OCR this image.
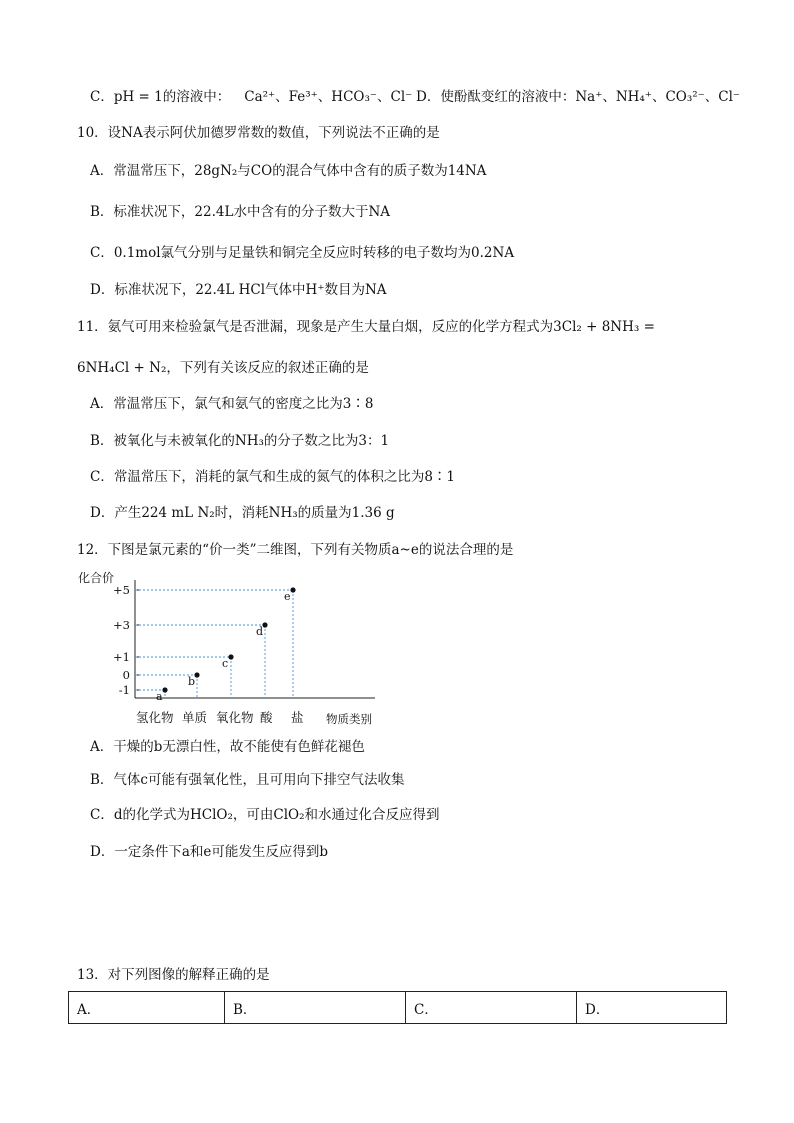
C．pH = 1的溶液中： Ca²⁺、Fe³⁺、HCO₃⁻、Cl⁻ D．使酚酞变红的溶液中：Na⁺、NH₄⁺、CO₃²⁻、Cl⁻
10．设NA表示阿伏加德罗常数的数值，下列说法不正确的是
A．常温常压下，28gN₂与CO的混合气体中含有的质子数为14NA
B．标准状况下，22.4L水中含有的分子数大于NA
C．0.1mol氯气分别与足量铁和铜完全反应时转移的电子数均为0.2NA
D．标准状况下，22.4L HCl气体中H⁺数目为NA
11．氨气可用来检验氯气是否泄漏，现象是产生大量白烟，反应的化学方程式为3Cl₂ + 8NH₃ =
6NH₄Cl + N₂，下列有关该反应的叙述正确的是
A．常温常压下，氯气和氨气的密度之比为3∶8
B．被氧化与未被氧化的NH₃的分子数之比为3：1
C．常温常压下，消耗的氯气和生成的氮气的体积之比为8∶1
D．产生224 mL N₂时，消耗NH₃的质量为1.36 g
12．下图是氯元素的“价一类”二维图，下列有关物质a~e的说法合理的是
化合价
+5
+3
+1
0
-1
氢化物 单质 氧化物 酸 盐
a
b
c
d
e
物质类别
A．干燥的b无漂白性，故不能使有色鲜花褪色
B．气体c可能有强氧化性，且可用向下排空气法收集
C．d的化学式为HClO₂，可由ClO₂和水通过化合反应得到
D．一定条件下a和e可能发生反应得到b
13．对下列图像的解释正确的是
A．	B．	C．	D．
